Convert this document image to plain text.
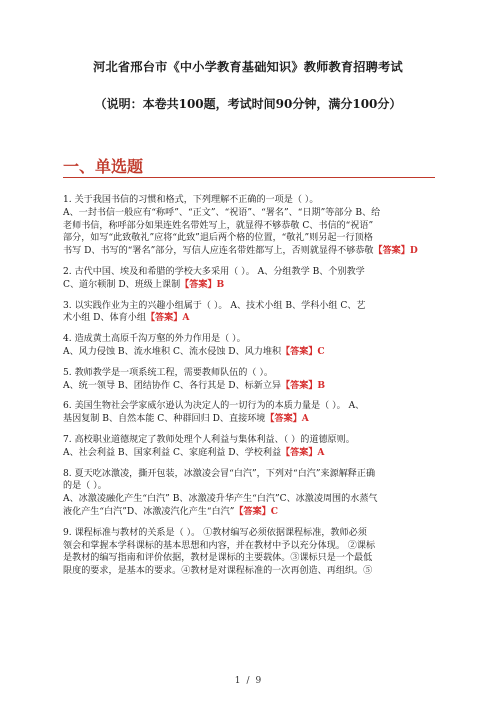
河北省邢台市《中小学教育基础知识》教师教育招聘考试
（说明：本卷共100题，考试时间90分钟，满分100分）
一、单选题
1. 关于我国书信的习惯和格式，下列理解不正确的一项是（ ）。
A、一封书信一般应有“称呼”、“正文”、“祝语”、“署名”、“日期”等部分 B、给
老师书信，称呼部分如果连姓名带姓写上，就显得不够恭敬 C、书信的“祝语”
部分，如写“此致敬礼”应将“此致”退后两个格的位置，“敬礼”则另起一行顶格
书写 D、书写的“署名”部分，写信人应连名带姓都写上，否则就显得不够恭敬【答案】D
2. 古代中国、埃及和希腊的学校大多采用（ ）。 A、分组教学 B、个别教学
C、道尔顿制 D、班级上课制【答案】B
3. 以实践作业为主的兴趣小组属于（ ）。 A、技术小组 B、学科小组 C、艺
术小组 D、体育小组【答案】A
4. 造成黄土高原千沟万壑的外力作用是（ ）。
A、风力侵蚀 B、流水堆积 C、流水侵蚀 D、风力堆积【答案】C
5. 教师教学是一项系统工程，需要教师队伍的（ ）。
A、统一领导 B、团结协作 C、各行其是 D、标新立异【答案】B
6. 美国生物社会学家威尔逊认为决定人的一切行为的本质力量是（ ）。 A、
基因复制 B、自然本能 C、种群回归 D、直接环境【答案】A
7. 高校职业道德规定了教师处理个人利益与集体利益、（ ）的道德原则。
A、社会利益 B、国家利益 C、家庭利益 D、学校利益【答案】A
8. 夏天吃冰激凌，撕开包装，冰激凌会冒“白汽”，下列对“白汽”来源解释正确
的是（ ）。
A、冰激凌融化产生“白汽” B、冰激凌升华产生“白汽”C、冰激凌周围的水蒸气
液化产生“白汽”D、冰激凌汽化产生“白汽”【答案】C
9. 课程标准与教材的关系是（ ）。 ①教材编写必须依据课程标准，教师必须
领会和掌握本学科课标的基本思想和内容，并在教材中予以充分体现。 ②课标
是教材的编写指南和评价依据，教材是课标的主要载体。③课标只是一个最低
限度的要求，是基本的要求。④教材是对课程标准的一次再创造、再组织。⑤
1 / 9
